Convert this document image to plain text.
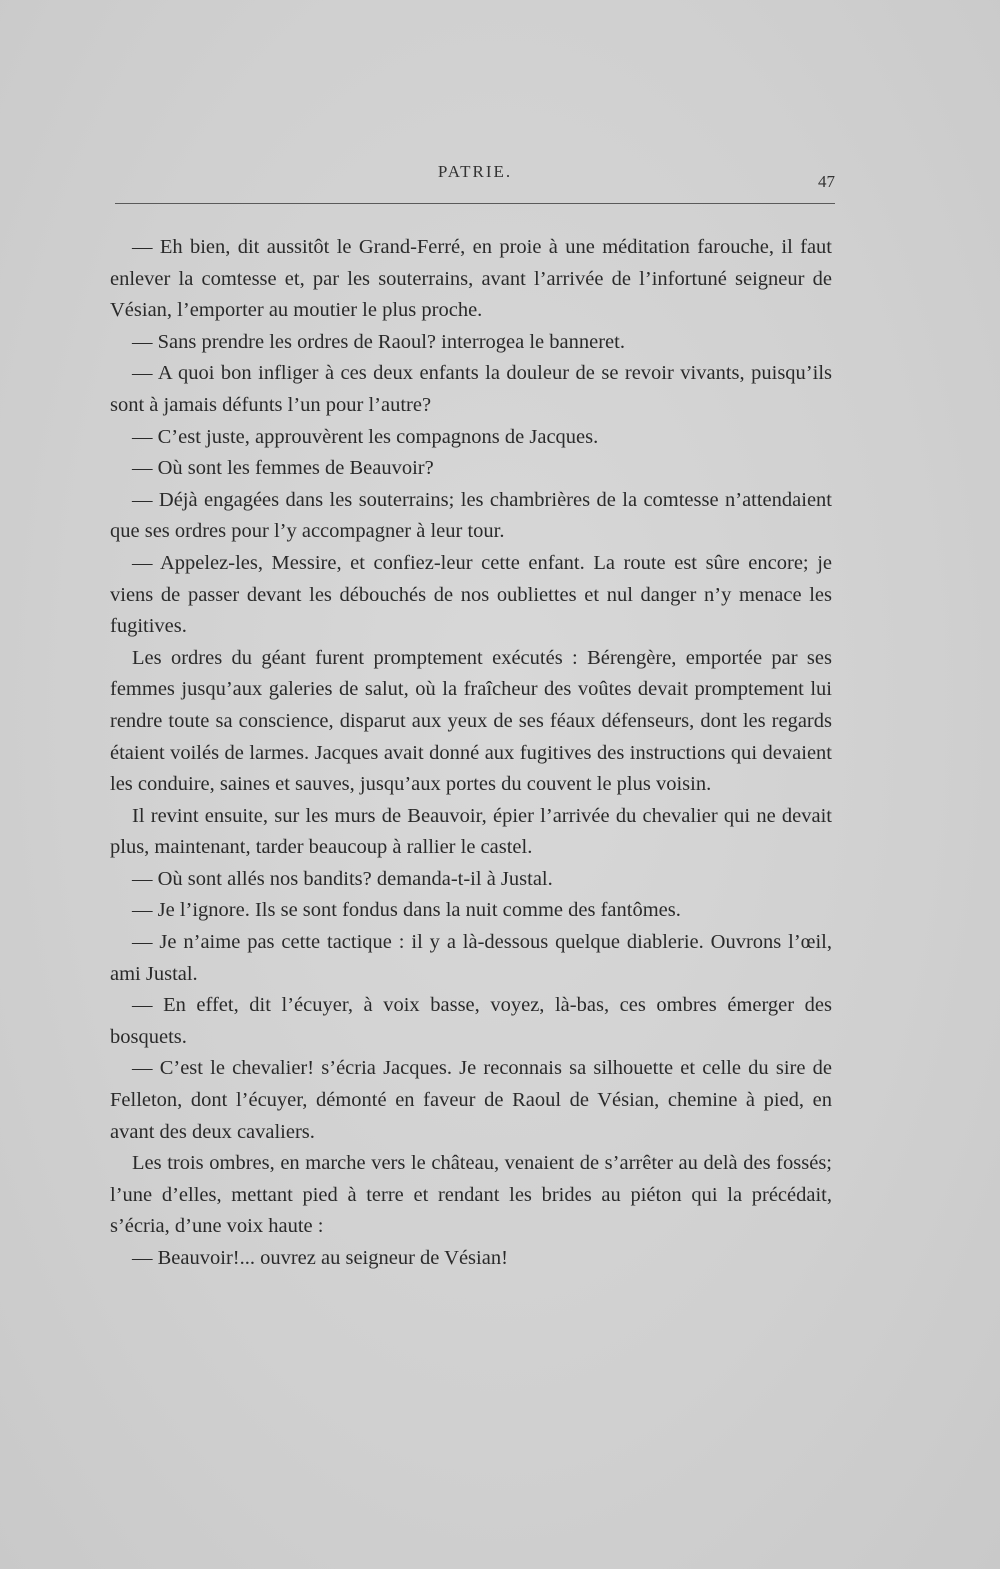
PATRIE.
47

— Eh bien, dit aussitôt le Grand-Ferré, en proie à une méditation farouche, il faut enlever la comtesse et, par les souterrains, avant l’arrivée de l’infortuné seigneur de Vésian, l’emporter au moutier le plus proche.

— Sans prendre les ordres de Raoul? interrogea le banneret.

— A quoi bon infliger à ces deux enfants la douleur de se revoir vivants, puisqu’ils sont à jamais défunts l’un pour l’autre?

— C’est juste, approuvèrent les compagnons de Jacques.

— Où sont les femmes de Beauvoir?

— Déjà engagées dans les souterrains; les chambrières de la comtesse n’attendaient que ses ordres pour l’y accompagner à leur tour.

— Appelez-les, Messire, et confiez-leur cette enfant. La route est sûre encore; je viens de passer devant les débouchés de nos oubliettes et nul danger n’y menace les fugitives.

Les ordres du géant furent promptement exécutés : Bérengère, emportée par ses femmes jusqu’aux galeries de salut, où la fraîcheur des voûtes devait promptement lui rendre toute sa conscience, disparut aux yeux de ses féaux défenseurs, dont les regards étaient voilés de larmes. Jacques avait donné aux fugitives des instructions qui devaient les conduire, saines et sauves, jusqu’aux portes du couvent le plus voisin.

Il revint ensuite, sur les murs de Beauvoir, épier l’arrivée du chevalier qui ne devait plus, maintenant, tarder beaucoup à rallier le castel.

— Où sont allés nos bandits? demanda-t-il à Justal.

— Je l’ignore. Ils se sont fondus dans la nuit comme des fantômes.

— Je n’aime pas cette tactique : il y a là-dessous quelque diablerie. Ouvrons l’œil, ami Justal.

— En effet, dit l’écuyer, à voix basse, voyez, là-bas, ces ombres émerger des bosquets.

— C’est le chevalier! s’écria Jacques. Je reconnais sa silhouette et celle du sire de Felleton, dont l’écuyer, démonté en faveur de Raoul de Vésian, chemine à pied, en avant des deux cavaliers.

Les trois ombres, en marche vers le château, venaient de s’arrêter au delà des fossés; l’une d’elles, mettant pied à terre et rendant les brides au piéton qui la précédait, s’écria, d’une voix haute :

— Beauvoir!... ouvrez au seigneur de Vésian!
